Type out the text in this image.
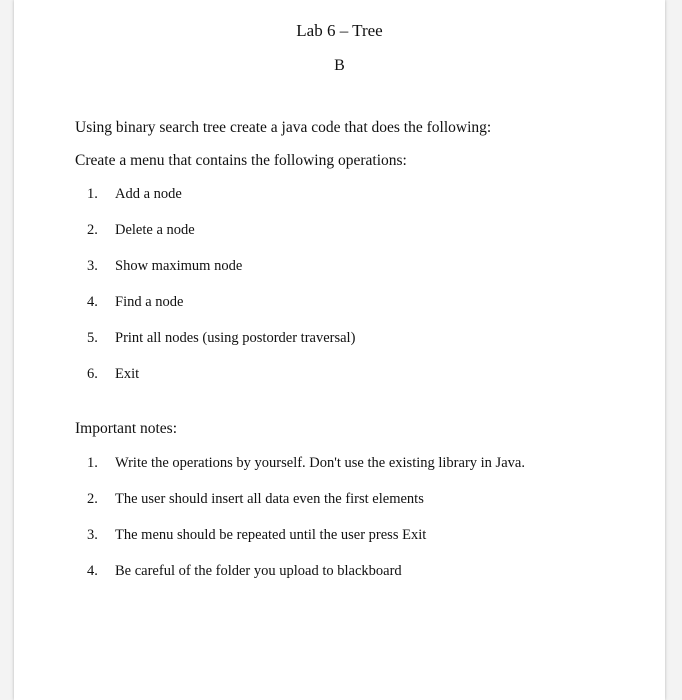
Lab 6 – Tree
B

Using binary search tree create a java code that does the following:

Create a menu that contains the following operations:

1. Add a node
2. Delete a node
3. Show maximum node
4. Find a node
5. Print all nodes (using postorder traversal)
6. Exit

Important notes:

1. Write the operations by yourself. Don't use the existing library in Java.
2. The user should insert all data even the first elements
3. The menu should be repeated until the user press Exit
4. Be careful of the folder you upload to blackboard
